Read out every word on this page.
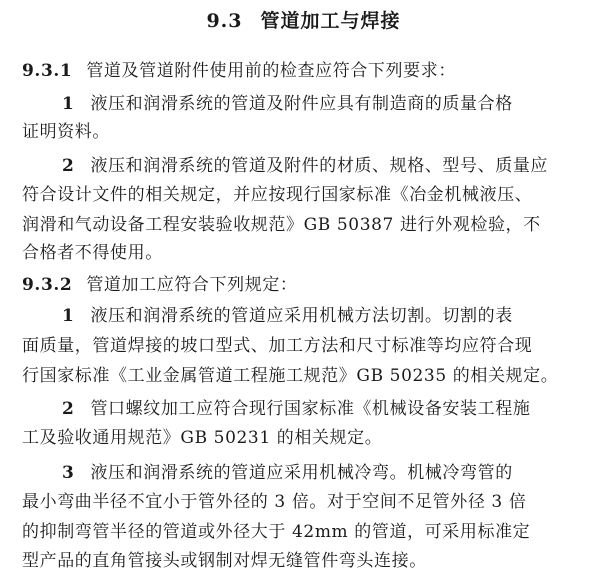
9.3 管道加工与焊接
9.3.1 管道及管道附件使用前的检查应符合下列要求：
1 液压和润滑系统的管道及附件应具有制造商的质量合格
证明资料。
2 液压和润滑系统的管道及附件的材质、规格、型号、质量应
符合设计文件的相关规定，并应按现行国家标准《冶金机械液压、
润滑和气动设备工程安装验收规范》GB 50387 进行外观检验，不
合格者不得使用。
9.3.2 管道加工应符合下列规定：
1 液压和润滑系统的管道应采用机械方法切割。切割的表
面质量，管道焊接的坡口型式、加工方法和尺寸标准等均应符合现
行国家标准《工业金属管道工程施工规范》GB 50235 的相关规定。
2 管口螺纹加工应符合现行国家标准《机械设备安装工程施
工及验收通用规范》GB 50231 的相关规定。
3 液压和润滑系统的管道应采用机械冷弯。机械冷弯管的
最小弯曲半径不宜小于管外径的 3 倍。对于空间不足管外径 3 倍
的抑制弯管半径的管道或外径大于 42mm 的管道，可采用标准定
型产品的直角管接头或钢制对焊无缝管件弯头连接。
